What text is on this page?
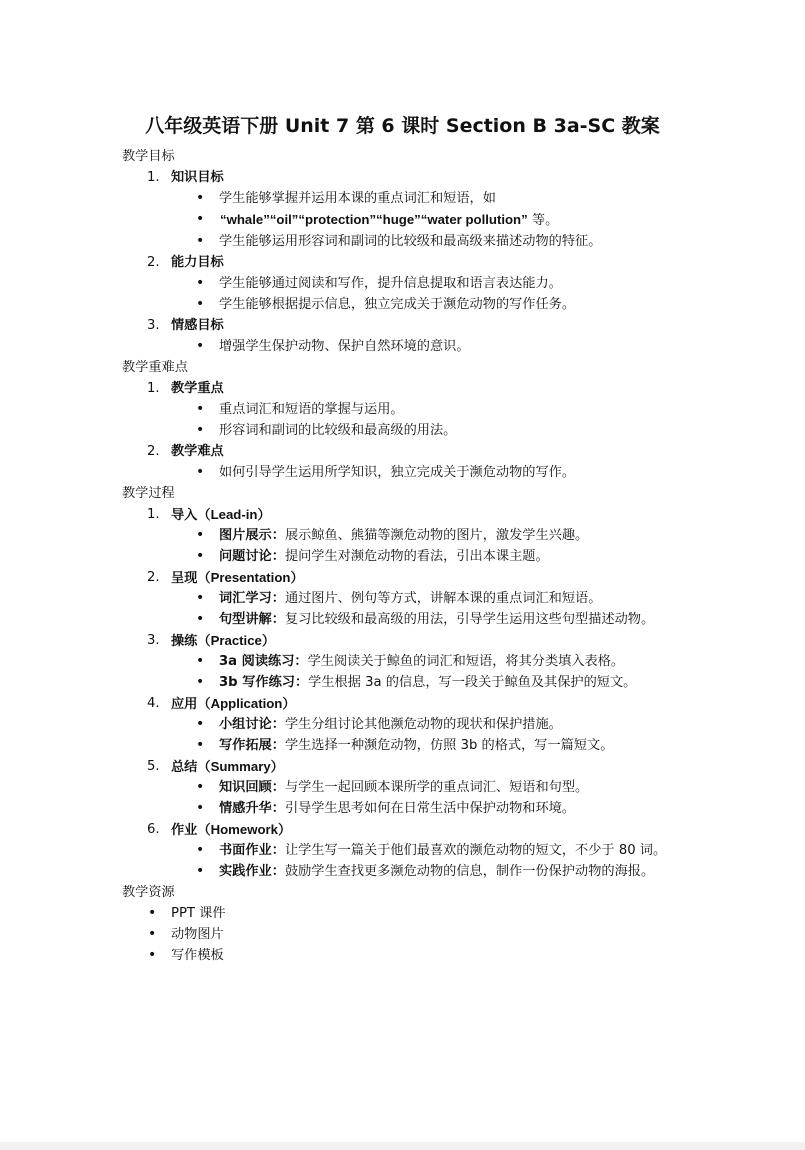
八年级英语下册 Unit 7 第 6 课时 Section B 3a-SC 教案
教学目标
1. 知识目标
• 学生能够掌握并运用本课的重点词汇和短语，如
• “whale”“oil”“protection”“huge”“water pollution” 等。
• 学生能够运用形容词和副词的比较级和最高级来描述动物的特征。
2. 能力目标
• 学生能够通过阅读和写作，提升信息提取和语言表达能力。
• 学生能够根据提示信息，独立完成关于濒危动物的写作任务。
3. 情感目标
• 增强学生保护动物、保护自然环境的意识。
教学重难点
1. 教学重点
• 重点词汇和短语的掌握与运用。
• 形容词和副词的比较级和最高级的用法。
2. 教学难点
• 如何引导学生运用所学知识，独立完成关于濒危动物的写作。
教学过程
1. 导入（Lead-in）
• 图片展示：展示鲸鱼、熊猫等濒危动物的图片，激发学生兴趣。
• 问题讨论：提问学生对濒危动物的看法，引出本课主题。
2. 呈现（Presentation）
• 词汇学习：通过图片、例句等方式，讲解本课的重点词汇和短语。
• 句型讲解：复习比较级和最高级的用法，引导学生运用这些句型描述动物。
3. 操练（Practice）
• 3a 阅读练习：学生阅读关于鲸鱼的词汇和短语，将其分类填入表格。
• 3b 写作练习：学生根据 3a 的信息，写一段关于鲸鱼及其保护的短文。
4. 应用（Application）
• 小组讨论：学生分组讨论其他濒危动物的现状和保护措施。
• 写作拓展：学生选择一种濒危动物，仿照 3b 的格式，写一篇短文。
5. 总结（Summary）
• 知识回顾：与学生一起回顾本课所学的重点词汇、短语和句型。
• 情感升华：引导学生思考如何在日常生活中保护动物和环境。
6. 作业（Homework）
• 书面作业：让学生写一篇关于他们最喜欢的濒危动物的短文，不少于 80 词。
• 实践作业：鼓励学生查找更多濒危动物的信息，制作一份保护动物的海报。
教学资源
• PPT 课件
• 动物图片
• 写作模板
